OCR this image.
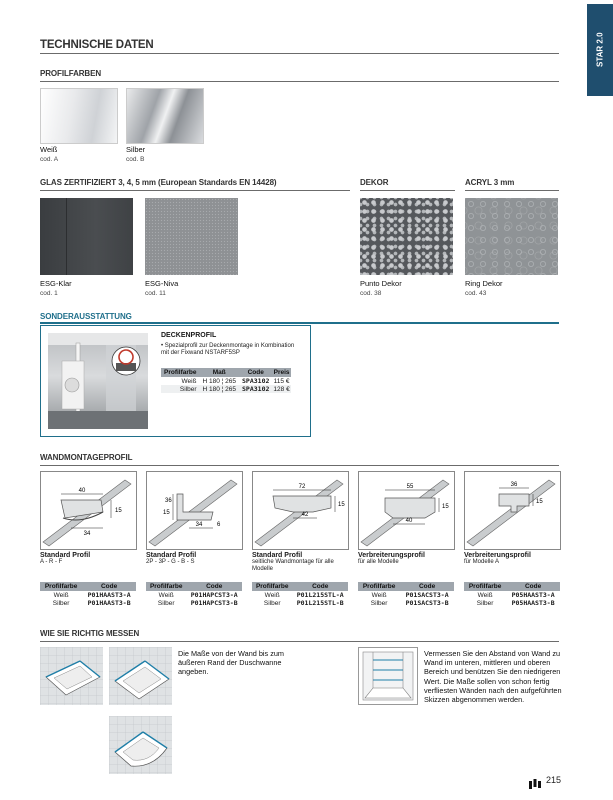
STAR 2.0
TECHNISCHE DATEN
PROFILFARBEN
Weiß
cod. A
Silber
cod. B
GLAS ZERTIFIZIERT 3, 4, 5 mm (European Standards EN 14428)	DEKOR	ACRYL 3 mm
ESG-Klar
cod. 1
ESG-Niva
cod. 11
Punto Dekor
cod. 38
Ring Dekor
cod. 43
SONDERAUSSTATTUNG
DECKENPROFIL
• Spezialprofil zur Deckenmontage in Kombination mit der Fixwand NSTARF5SP
Profilfarbe	Maß	Code	Preis
Weiß	H 180 ¦ 265	SPA3102	115 €
Silber	H 180 ¦ 265	SPA3102	128 €
WANDMONTAGEPROFIL
40
15
34
36
15
34 6
72
15
42
55
15
40
36
15
Standard Profil
A - R - F
Standard Profil
2P - 3P - G - B - S
Standard Profil
seitliche Wandmontage für alle Modelle
Verbreiterungsprofil
für alle Modelle
Verbreiterungsprofil
für Modelle A
Profilfarbe	Code
Weiß	P01HAAST3-A
Silber	P01HAAST3-B
Profilfarbe	Code
Weiß	P01HAPCST3-A
Silber	P01HAPCST3-B
Profilfarbe	Code
Weiß	P01L215STL-A
Silber	P01L215STL-B
Profilfarbe	Code
Weiß	P01SACST3-A
Silber	P01SACST3-B
Profilfarbe	Code
Weiß	P05HAAST3-A
Silber	P05HAAST3-B
WIE SIE RICHTIG MESSEN
Die Maße von der Wand bis zum äußeren Rand der Duschwanne angeben.
Vermessen Sie den Abstand von Wand zu Wand im unteren, mittleren und oberen Bereich und benützen Sie den niedrigeren Wert. Die Maße sollen von schon fertig verfliesten Wänden nach den aufgeführten Skizzen abgenommen werden.
215
